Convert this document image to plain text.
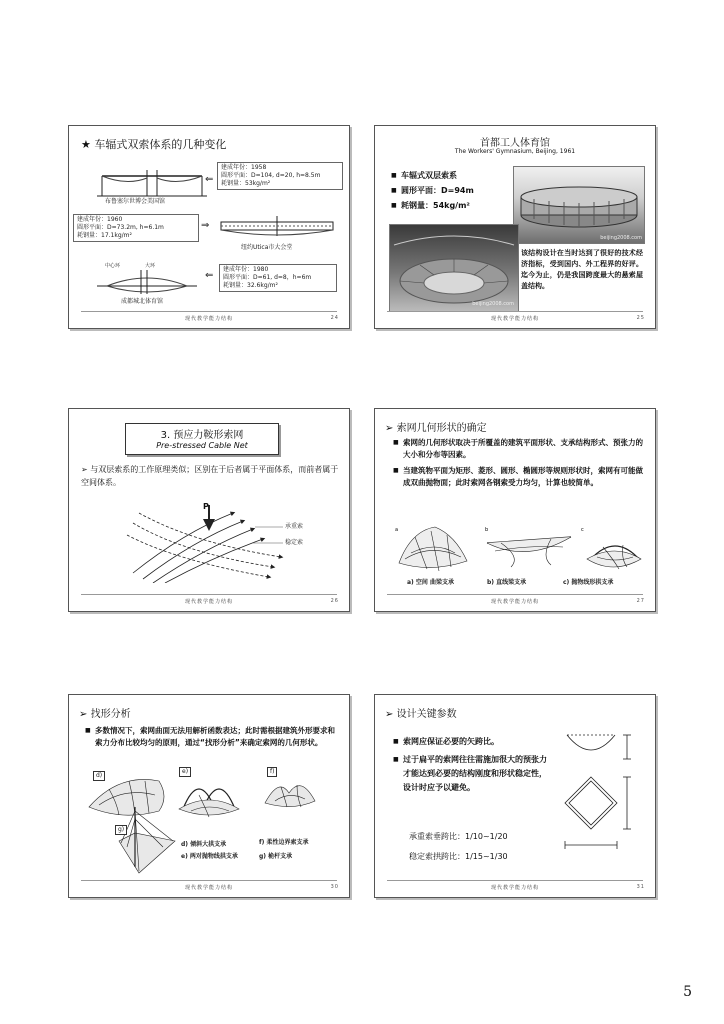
★ 车辐式双索体系的几种变化
布鲁塞尔世博会美国馆
⇐
建成年份：1958
圆形平面：D=104, d=20, h=8.5m
耗钢量：53kg/m²
建成年份：1960
圆形平面：D=73.2m, h=6.1m
耗钢量：17.1kg/m²
⇒
纽约Utica市大会堂
中心环	大环
成都城北体育馆
⇐
建成年份：1980
圆形平面：D=61, d=8，h=6m
耗钢量：32.6kg/m²
现代教学能力结构	24
首都工人体育馆
The Workers' Gymnasium, Beijing, 1961
■ 车辐式双层索系
■ 圆形平面：D=94m
■ 耗钢量：54kg/m²
beijing2008.com
beijing2008.com
该结构设计在当时达到了很好的技术经济指标，受到国内、外工程界的好评。迄今为止，仍是我国跨度最大的悬索屋盖结构。
现代教学能力结构	25
3. 预应力鞍形索网
Pre-stressed Cable Net
➢ 与双层索系的工作原理类似；区别在于后者属于平面体系，而前者属于空间体系。
P
承重索
稳定索
现代教学能力结构	26
➢ 索网几何形状的确定
■ 索网的几何形状取决于所覆盖的建筑平面形状、支承结构形式、预张力的大小和分布等因素。
■ 当建筑物平面为矩形、菱形、圆形、椭圆形等规则形状时，索网有可能做成双曲抛物面；此时索网各钢索受力均匀，计算也较简单。
a	b	c
a) 空间 曲梁支承	b) 直线梁支承	c) 抛物线形拱支承
现代教学能力结构	27
➢ 找形分析
■ 多数情况下，索网曲面无法用解析函数表达；此时需根据建筑外形要求和索力分布比较均匀的原则，通过“找形分析”来确定索网的几何形状。
d)
e)	f)
g)
d) 倾斜大拱支承
e) 两对抛物线拱支承
f) 柔性边界索支承
g) 桅杆支承
现代教学能力结构	30
➢ 设计关键参数
■ 索网应保证必要的矢跨比。
■ 过于扁平的索网往往需施加很大的预张力才能达到必要的结构刚度和形状稳定性，设计时应予以避免。
承重索垂跨比：1/10~1/20
稳定索拱跨比：1/15~1/30
现代教学能力结构	31
5
